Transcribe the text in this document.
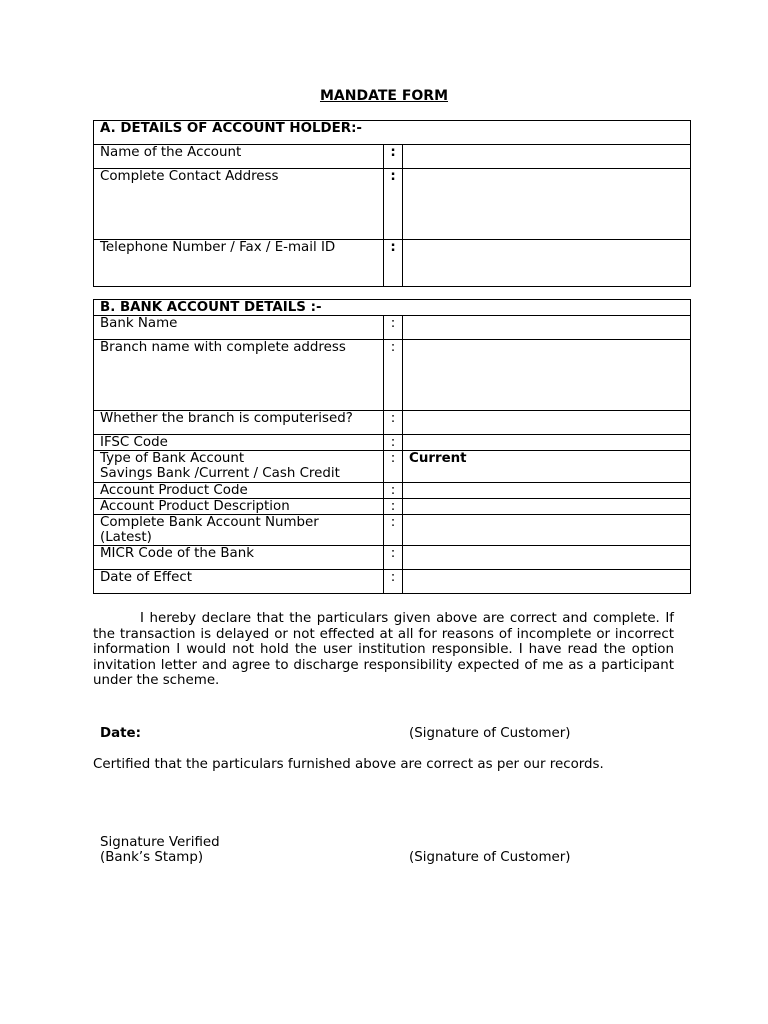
MANDATE FORM
A. DETAILS OF ACCOUNT HOLDER:-		
Name of the Account	:	
Complete Contact Address	:	
Telephone Number / Fax / E-mail ID	:	
B. BANK ACCOUNT DETAILS :-		
Bank Name	:	
Branch name with complete address	:	
Whether the branch is computerised?	:	
IFSC Code	:	

Type of Bank Account
Savings Bank /Current / Cash Credit	:	Current
Account Product Code	:	
Account Product Description	:	

Complete Bank Account Number
(Latest)	:	
MICR Code of the Bank	:	
Date of Effect	:	
I hereby declare that the particulars given above are correct and complete. If the transaction is delayed or not effected at all for reasons of incomplete or incorrect information I would not hold the user institution responsible. I have read the option invitation letter and agree to discharge responsibility expected of me as a participant under the scheme.
Date:	(Signature of Customer)
Certified that the particulars furnished above are correct as per our records.
Signature Verified
(Bank’s Stamp)	(Signature of Customer)
